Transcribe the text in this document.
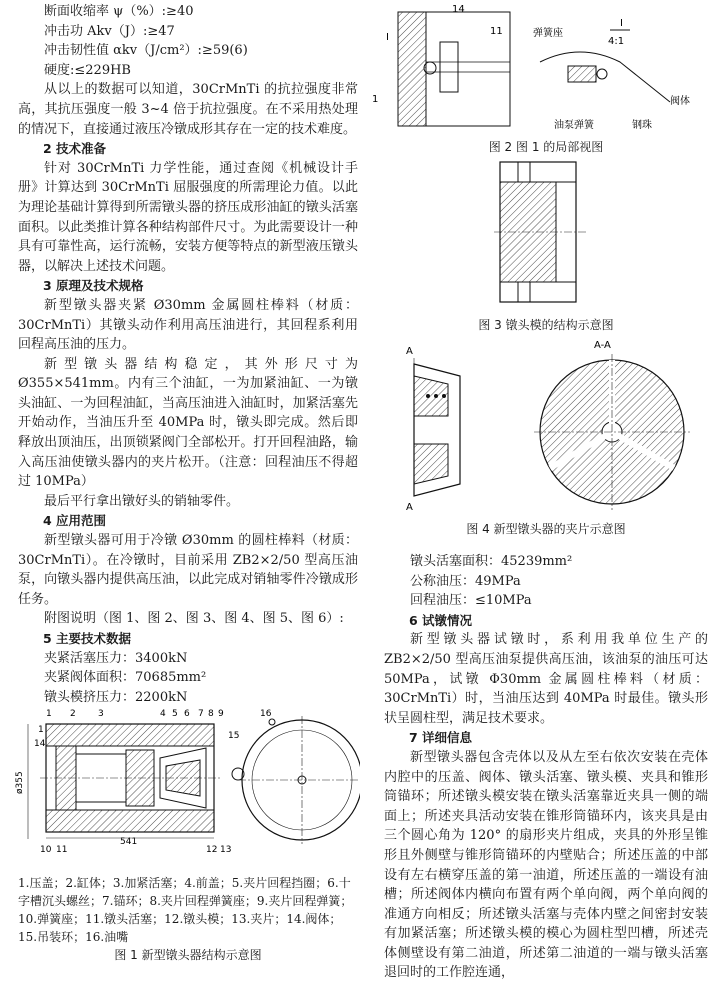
断面收缩率 ψ（%）:≥40

冲击功 Akv（J）:≥47

冲击韧性值 αkv（J/cm²）:≥59(6)

硬度:≤229HB

从以上的数据可以知道，30CrMnTi 的抗拉强度非常高，其抗压强度一般 3~4 倍于抗拉强度。在不采用热处理的情况下，直接通过液压冷镦成形其存在一定的技术难度。

2 技术准备

针对 30CrMnTi 力学性能，通过查阅《机械设计手册》计算达到 30CrMnTi 屈服强度的所需理论力值。以此为理论基础计算得到所需镦头器的挤压成形油缸的镦头活塞面积。以此类推计算各种结构部件尺寸。为此需要设计一种具有可靠性高，运行流畅，安装方便等特点的新型液压镦头器，以解决上述技术问题。

3 原理及技术规格

新型镦头器夹紧 Ø30mm 金属圆柱棒料（材质：30CrMnTi）其镦头动作利用高压油进行，其回程系利用回程高压油的压力。

新型镦头器结构稳定，其外形尺寸为 Ø355×541mm。内有三个油缸，一为加紧油缸、一为镦头油缸、一为回程油缸，当高压油进入油缸时，加紧活塞先开始动作，当油压升至 40MPa 时，镦头即完成。然后即释放出顶油压，出顶锁紧阀门全部松开。打开回程油路，输入高压油使镦头器内的夹片松开。（注意：回程油压不得超过 10MPa）

最后平行拿出镦好头的销轴零件。

4 应用范围

新型镦头器可用于冷镦 Ø30mm 的圆柱棒料（材质：30CrMnTi）。在冷镦时，目前采用 ZB2×2/50 型高压油泵，向镦头器内提供高压油，以此完成对销轴零件冷镦成形任务。

附图说明（图 1、图 2、图 3、图 4、图 5、图 6）:

5 主要技术数据

夹紧活塞压力：3400kN

夹紧阀体面积：70685mm²

镦头模挤压力：2200kN

1 2 3	4 5 6 7 8 9
1
14
15
16
10 11	12 13
ø355
541

1.压盖；2.缸体；3.加紧活塞；4.前盖；5.夹片回程挡圈；6.十字槽沉头螺丝；7.锚环；8.夹片回程弹簧座；9.夹片回程弹簧；10.弹簧座；11.镦头活塞；12.镦头模；13.夹片；14.阀体；15.吊装环；16.油嘴

图 1 新型镦头器结构示意图

14
11
I
1
弹簧座
I
4:1
阀体
油泵弹簧	钢珠

图 2 图 1 的局部视图

图 3 镦头模的结构示意图

A
A
A-A

图 4 新型镦头器的夹片示意图

镦头活塞面积：45239mm²

公称油压：49MPa

回程油压：≤10MPa

6 试镦情况

新型镦头器试镦时，系利用我单位生产的 ZB2×2/50 型高压油泵提供高压油，该油泵的油压可达 50MPa，试镦 Φ30mm 金属圆柱棒料（材质：30CrMnTi）时，当油压达到 40MPa 时最佳。镦头形状呈圆柱型，满足技术要求。

7 详细信息

新型镦头器包含壳体以及从左至右依次安装在壳体内腔中的压盖、阀体、镦头活塞、镦头模、夹具和锥形筒锚环；所述镦头模安装在镦头活塞靠近夹具一侧的端面上；所述夹具活动安装在锥形筒锚环内，该夹具是由三个圆心角为 120° 的扇形夹片组成，夹具的外形呈锥形且外侧壁与锥形筒锚环的内壁贴合；所述压盖的中部设有左右横穿压盖的第一油道，所述压盖的一端设有油槽；所述阀体内横向布置有两个单向阀，两个单向阀的准通方向相反；所述镦头活塞与壳体内壁之间密封安装有加紧活塞；所述镦头模的模心为圆柱型凹槽，所述壳体侧壁设有第二油道，所述第二油道的一端与镦头活塞退回时的工作腔连通，
